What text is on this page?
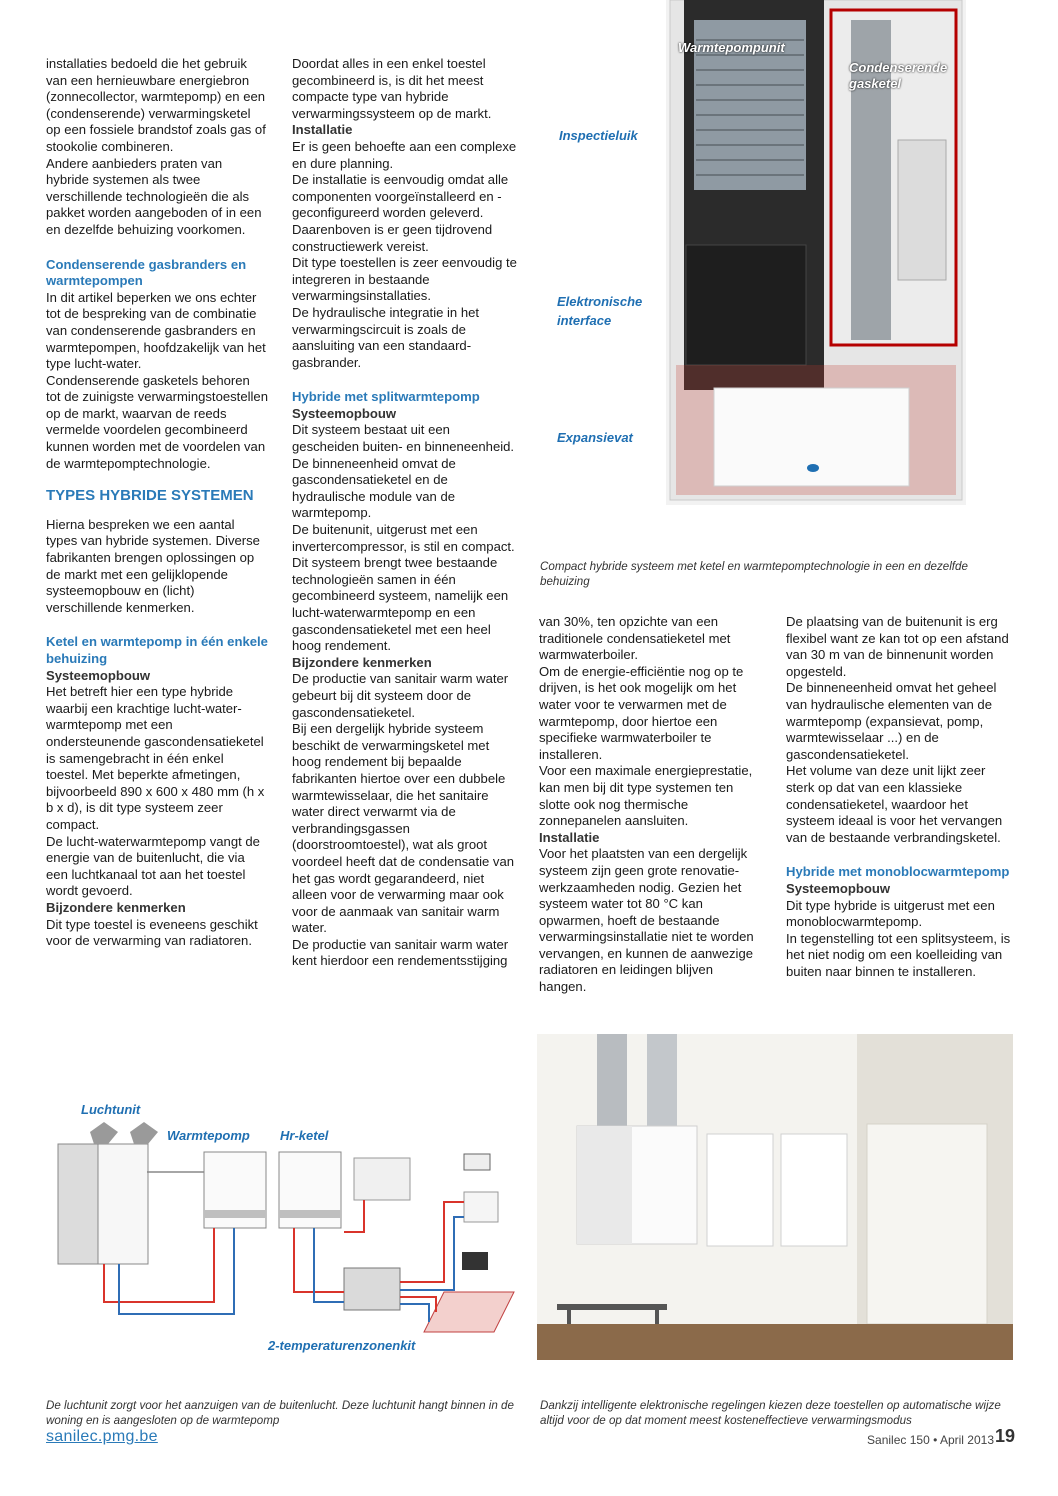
installaties bedoeld die het gebruik van een hernieuwbare energiebron (zonnecollector, warmtepomp) en een (condenserende) verwarmingsketel op een fossiele brandstof zoals gas of stookolie combineren.

Andere aanbieders praten van hybride systemen als twee verschillende technologieën die als pakket worden aangeboden of in een en dezelfde behuizing voorkomen.

Condenserende gasbranders en warmtepompen

In dit artikel beperken we ons echter tot de bespreking van de combinatie van condenserende gasbranders en warmtepompen, hoofdzakelijk van het type lucht-water.

Condenserende gasketels behoren tot de zuinigste verwarmingstoestellen op de markt, waarvan de reeds vermelde voordelen gecombineerd kunnen worden met de voordelen van de warmtepomptechnologie.

TYPES HYBRIDE SYSTEMEN

Hierna bespreken we een aantal types van hybride systemen. Diverse fabrikanten brengen oplossingen op de markt met een gelijklopende systeemopbouw en (licht) verschillende kenmerken.

Ketel en warmtepomp in één enkele behuizing

Systeemopbouw

Het betreft hier een type hybride waarbij een krachtige lucht-water-warmtepomp met een ondersteunende gascondensatieketel is samengebracht in één enkel toestel. Met beperkte afmetingen, bijvoorbeeld 890 x 600 x 480 mm (h x b x d), is dit type systeem zeer compact.

De lucht-waterwarmtepomp vangt de energie van de buitenlucht, die via een luchtkanaal tot aan het toestel wordt gevoerd.

Bijzondere kenmerken

Dit type toestel is eveneens geschikt voor de verwarming van radiatoren.

Doordat alles in een enkel toestel gecombineerd is, is dit het meest compacte type van hybride verwarmingssysteem op de markt.

Installatie

Er is geen behoefte aan een complexe en dure planning.

De installatie is eenvoudig omdat alle componenten voorgeïnstalleerd en -geconfigureerd worden geleverd. Daarenboven is er geen tijdrovend constructiewerk vereist.

Dit type toestellen is zeer eenvoudig te integreren in bestaande verwarmingsinstallaties.

De hydraulische integratie in het verwarmingscircuit is zoals de aansluiting van een standaard-gasbrander.

Hybride met splitwarmtepomp

Systeemopbouw

Dit systeem bestaat uit een gescheiden buiten- en binneneenheid. De binneneenheid omvat de gascondensatieketel en de hydraulische module van de warmtepomp.

De buitenunit, uitgerust met een invertercompressor, is stil en compact. Dit systeem brengt twee bestaande technologieën samen in één gecombineerd systeem, namelijk een lucht-waterwarmtepomp en een gascondensatieketel met een heel hoog rendement.

Bijzondere kenmerken

De productie van sanitair warm water gebeurt bij dit systeem door de gascondensatieketel.

Bij een dergelijk hybride systeem beschikt de verwarmingsketel met hoog rendement bij bepaalde fabrikanten hiertoe over een dubbele warmtewisselaar, die het sanitaire water direct verwarmt via de verbrandingsgassen (doorstroomtoestel), wat als groot voordeel heeft dat de condensatie van het gas wordt gegarandeerd, niet alleen voor de verwarming maar ook voor de aanmaak van sanitair warm water.

De productie van sanitair warm water kent hierdoor een rendementsstijging

van 30%, ten opzichte van een traditionele condensatieketel met warmwaterboiler.

Om de energie-efficiëntie nog op te drijven, is het ook mogelijk om het water voor te verwarmen met de warmtepomp, door hiertoe een specifieke warmwaterboiler te installeren.

Voor een maximale energieprestatie, kan men bij dit type systemen ten slotte ook nog thermische zonnepanelen aansluiten.

Installatie

Voor het plaatsten van een dergelijk systeem zijn geen grote renovatie-werkzaamheden nodig. Gezien het systeem water tot 80 °C kan opwarmen, hoeft de bestaande verwarmingsinstallatie niet te worden vervangen, en kunnen de aanwezige radiatoren en leidingen blijven hangen.

De plaatsing van de buitenunit is erg flexibel want ze kan tot op een afstand van 30 m van de binnenunit worden opgesteld.

De binneneenheid omvat het geheel van hydraulische elementen van de warmtepomp (expansievat, pomp, warmtewisselaar ...) en de gascondensatieketel.

Het volume van deze unit lijkt zeer sterk op dat van een klassieke condensatieketel, waardoor het systeem ideaal is voor het vervangen van de bestaande verbrandingsketel.

Hybride met monoblocwarmtepomp

Systeemopbouw

Dit type hybride is uitgerust met een monoblocwarmtepomp.

In tegenstelling tot een splitsysteem, is het niet nodig om een koelleiding van buiten naar binnen te installeren.

Warmtepompunit
Condenserende gasketel
Inspectieluik
Elektronische interface
Expansievat
Compact hybride systeem met ketel en warmtepomptechnologie in een en dezelfde behuizing
Luchtunit
Warmtepomp Hr-ketel
2-temperaturenzonenkit
De luchtunit zorgt voor het aanzuigen van de buitenlucht. Deze luchtunit hangt binnen in de woning en is aangesloten op de warmtepomp
Dankzij intelligente elektronische regelingen kiezen deze toestellen op automatische wijze altijd voor de op dat moment meest kosteneffectieve verwarmingsmodus
sanilec.pmg.be	Sanilec 150 • April 2013 19
